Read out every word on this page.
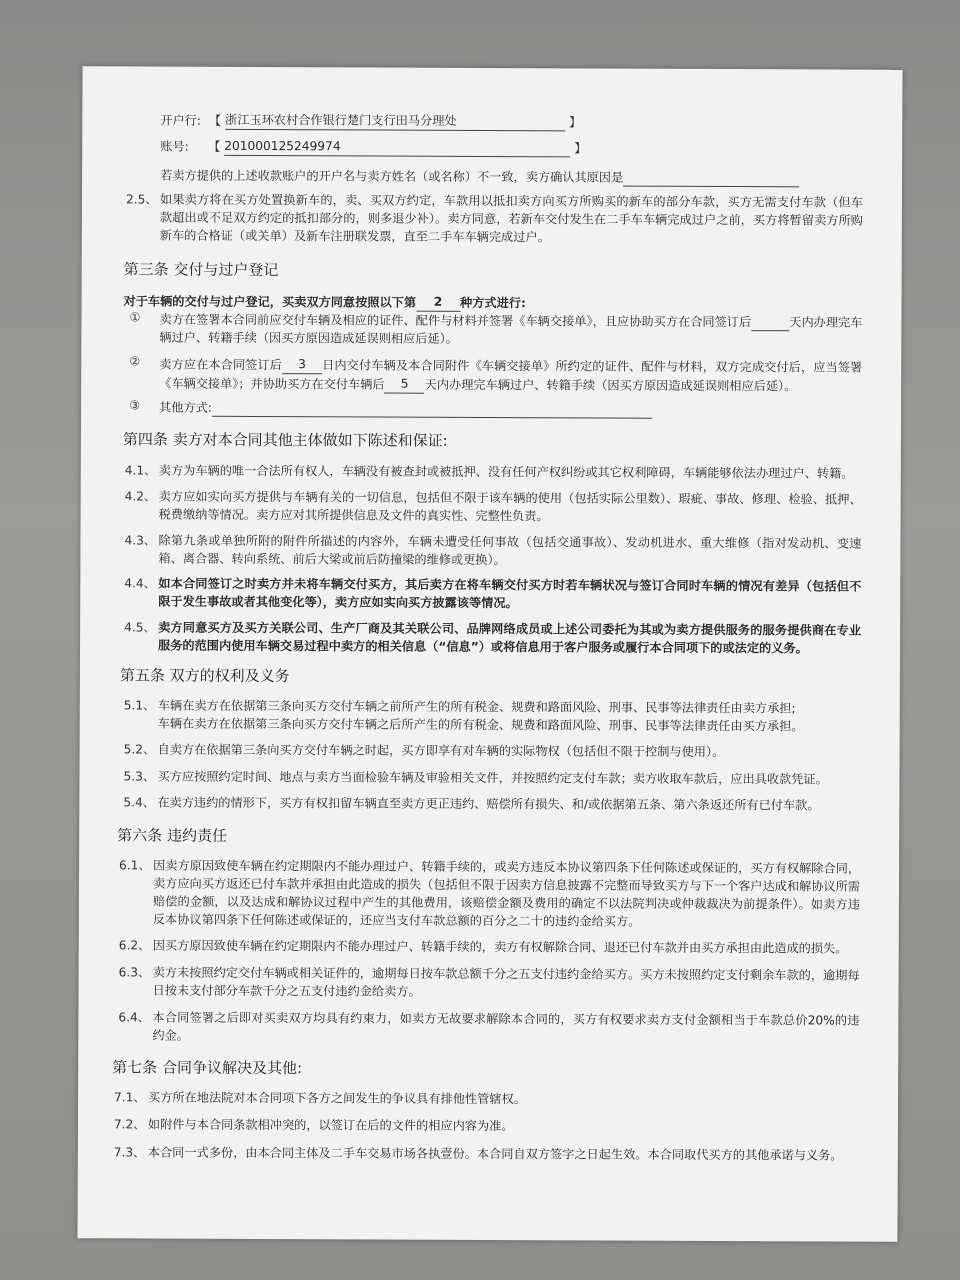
开户行: 【 浙江玉环农村合作银行楚门支行田马分理处	】
账号: 【 201000125249974	】
若卖方提供的上述收款账户的开户名与卖方姓名（或名称）不一致，卖方确认其原因是
2.5、 如果卖方将在买方处置换新车的，卖、买双方约定，车款用以抵扣卖方向买方所购买的新车的部分车款，买方无需支付车款（但车款超出或不足双方约定的抵扣部分的，则多退少补）。卖方同意，若新车交付发生在二手车车辆完成过户之前，买方将暂留卖方所购新车的合格证（或关单）及新车注册联发票，直至二手车车辆完成过户。
第三条 交付与过户登记
对于车辆的交付与过户登记，买卖双方同意按照以下第 2 种方式进行:
① 卖方在签署本合同前应交付车辆及相应的证件、配件与材料并签署《车辆交接单》，且应协助买方在合同签订后	天内办理完车辆过户、转籍手续（因买方原因造成延误则相应后延）。
② 卖方应在本合同签订后 3 日内交付车辆及本合同附件《车辆交接单》所约定的证件、配件与材料，双方完成交付后，应当签署《车辆交接单》；并协助买方在交付车辆后 5 天内办理完车辆过户、转籍手续（因买方原因造成延误则相应后延）。
③ 其他方式:
第四条 卖方对本合同其他主体做如下陈述和保证:
4.1、 卖方为车辆的唯一合法所有权人，车辆没有被查封或被抵押、没有任何产权纠纷或其它权利障碍，车辆能够依法办理过户、转籍。
4.2、 卖方应如实向买方提供与车辆有关的一切信息，包括但不限于该车辆的使用（包括实际公里数）、瑕疵、事故、修理、检验、抵押、税费缴纳等情况。卖方应对其所提供信息及文件的真实性、完整性负责。
4.3、 除第九条或单独所附的附件所描述的内容外，车辆未遭受任何事故（包括交通事故）、发动机进水、重大维修（指对发动机、变速箱、离合器、转向系统、前后大梁或前后防撞梁的维修或更换）。
4.4、 如本合同签订之时卖方并未将车辆交付买方，其后卖方在将车辆交付买方时若车辆状况与签订合同时车辆的情况有差异（包括但不限于发生事故或者其他变化等），卖方应如实向买方披露该等情况。
4.5、 卖方同意买方及买方关联公司、生产厂商及其关联公司、品牌网络成员或上述公司委托为其或为卖方提供服务的服务提供商在专业服务的范围内使用车辆交易过程中卖方的相关信息（“信息”）或将信息用于客户服务或履行本合同项下的或法定的义务。
第五条 双方的权利及义务
5.1、 车辆在卖方在依据第三条向买方交付车辆之前所产生的所有税金、规费和路面风险、刑事、民事等法律责任由卖方承担;
车辆在卖方在依据第三条向买方交付车辆之后所产生的所有税金、规费和路面风险、刑事、民事等法律责任由买方承担。
5.2、 自卖方在依据第三条向买方交付车辆之时起，买方即享有对车辆的实际物权（包括但不限于控制与使用）。
5.3、 买方应按照约定时间、地点与卖方当面检验车辆及审验相关文件，并按照约定支付车款；卖方收取车款后，应出具收款凭证。
5.4、 在卖方违约的情形下，买方有权扣留车辆直至卖方更正违约、赔偿所有损失、和/或依据第五条、第六条返还所有已付车款。
第六条 违约责任
6.1、 因卖方原因致使车辆在约定期限内不能办理过户、转籍手续的，或卖方违反本协议第四条下任何陈述或保证的，买方有权解除合同，卖方应向买方返还已付车款并承担由此造成的损失（包括但不限于因卖方信息披露不完整而导致买方与下一个客户达成和解协议所需赔偿的金额，以及达成和解协议过程中产生的其他费用，该赔偿金额及费用的确定不以法院判决或仲裁裁决为前提条件）。如卖方违反本协议第四条下任何陈述或保证的，还应当支付车款总额的百分之二十的违约金给买方。
6.2、 因买方原因致使车辆在约定期限内不能办理过户、转籍手续的，卖方有权解除合同、退还已付车款并由买方承担由此造成的损失。
6.3、 卖方未按照约定交付车辆或相关证件的，逾期每日按车款总额千分之五支付违约金给买方。买方未按照约定支付剩余车款的，逾期每日按未支付部分车款千分之五支付违约金给卖方。
6.4、 本合同签署之后即对买卖双方均具有约束力，如卖方无故要求解除本合同的，买方有权要求卖方支付金额相当于车款总价20%的违约金。
第七条 合同争议解决及其他:
7.1、 买方所在地法院对本合同项下各方之间发生的争议具有排他性管辖权。
7.2、 如附件与本合同条款相冲突的，以签订在后的文件的相应内容为准。
7.3、 本合同一式多份，由本合同主体及二手车交易市场各执壹份。本合同自双方签字之日起生效。本合同取代买方的其他承诺与义务。
